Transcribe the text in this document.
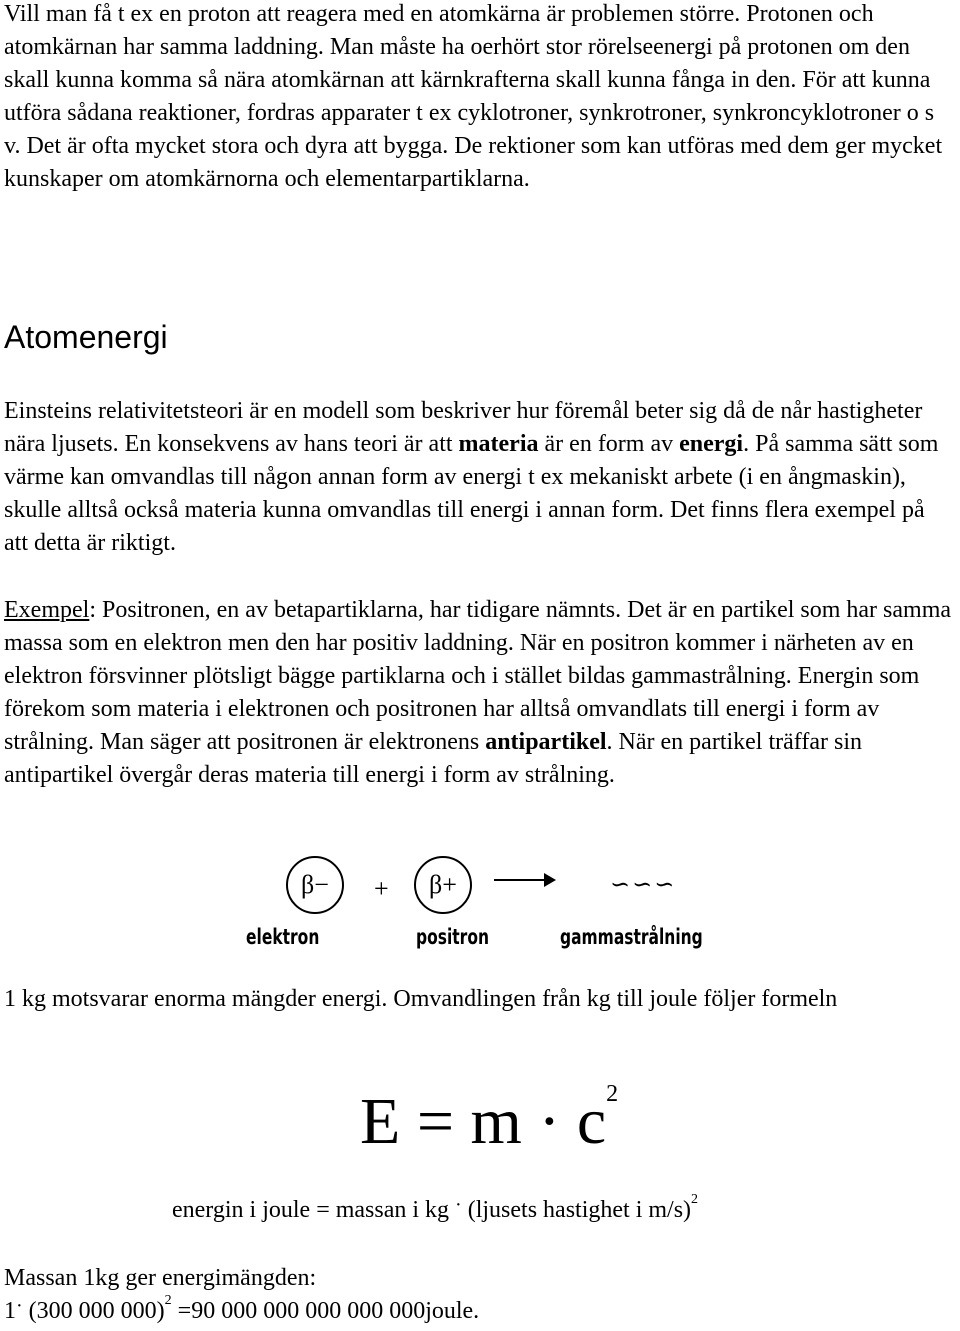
Vill man få t ex en proton att reagera med en atomkärna är problemen större. Protonen och atomkärnan har samma laddning. Man måste ha oerhört stor rörelseenergi på protonen om den skall kunna komma så nära atomkärnan att kärnkrafterna skall kunna fånga in den. För att kunna utföra sådana reaktioner, fordras apparater t ex cyklotroner, synkrotroner, synkroncyklotroner o s v. Det är ofta mycket stora och dyra att bygga. De rektioner som kan utföras med dem ger mycket kunskaper om atomkärnorna och elementarpartiklarna.

Atomenergi

Einsteins relativitetsteori är en modell som beskriver hur föremål beter sig då de når hastigheter nära ljusets. En konsekvens av hans teori är att materia är en form av energi. På samma sätt som värme kan omvandlas till någon annan form av energi t ex mekaniskt arbete (i en ångmaskin), skulle alltså också materia kunna omvandlas till energi i annan form. Det finns flera exempel på att detta är riktigt.

Exempel: Positronen, en av betapartiklarna, har tidigare nämnts. Det är en partikel som har samma massa som en elektron men den har positiv laddning. När en positron kommer i närheten av en elektron försvinner plötsligt bägge partiklarna och i stället bildas gammastrålning. Energin som förekom som materia i elektronen och positronen har alltså omvandlats till energi i form av strålning. Man säger att positronen är elektronens antipartikel. När en partikel träffar sin antipartikel övergår deras materia till energi i form av strålning.

β−	+	β+	∽∽∽
elektron	positron	gammastrålning

1 kg motsvarar enorma mängder energi. Omvandlingen från kg till joule följer formeln

$E = m \cdot c^2$
energin i joule = massan i kg · (ljusets hastighet i m/s)$^2$
Massan 1kg ger energimängden:
1· (300 000 000)$^2$ =90 000 000 000 000 000joule.
